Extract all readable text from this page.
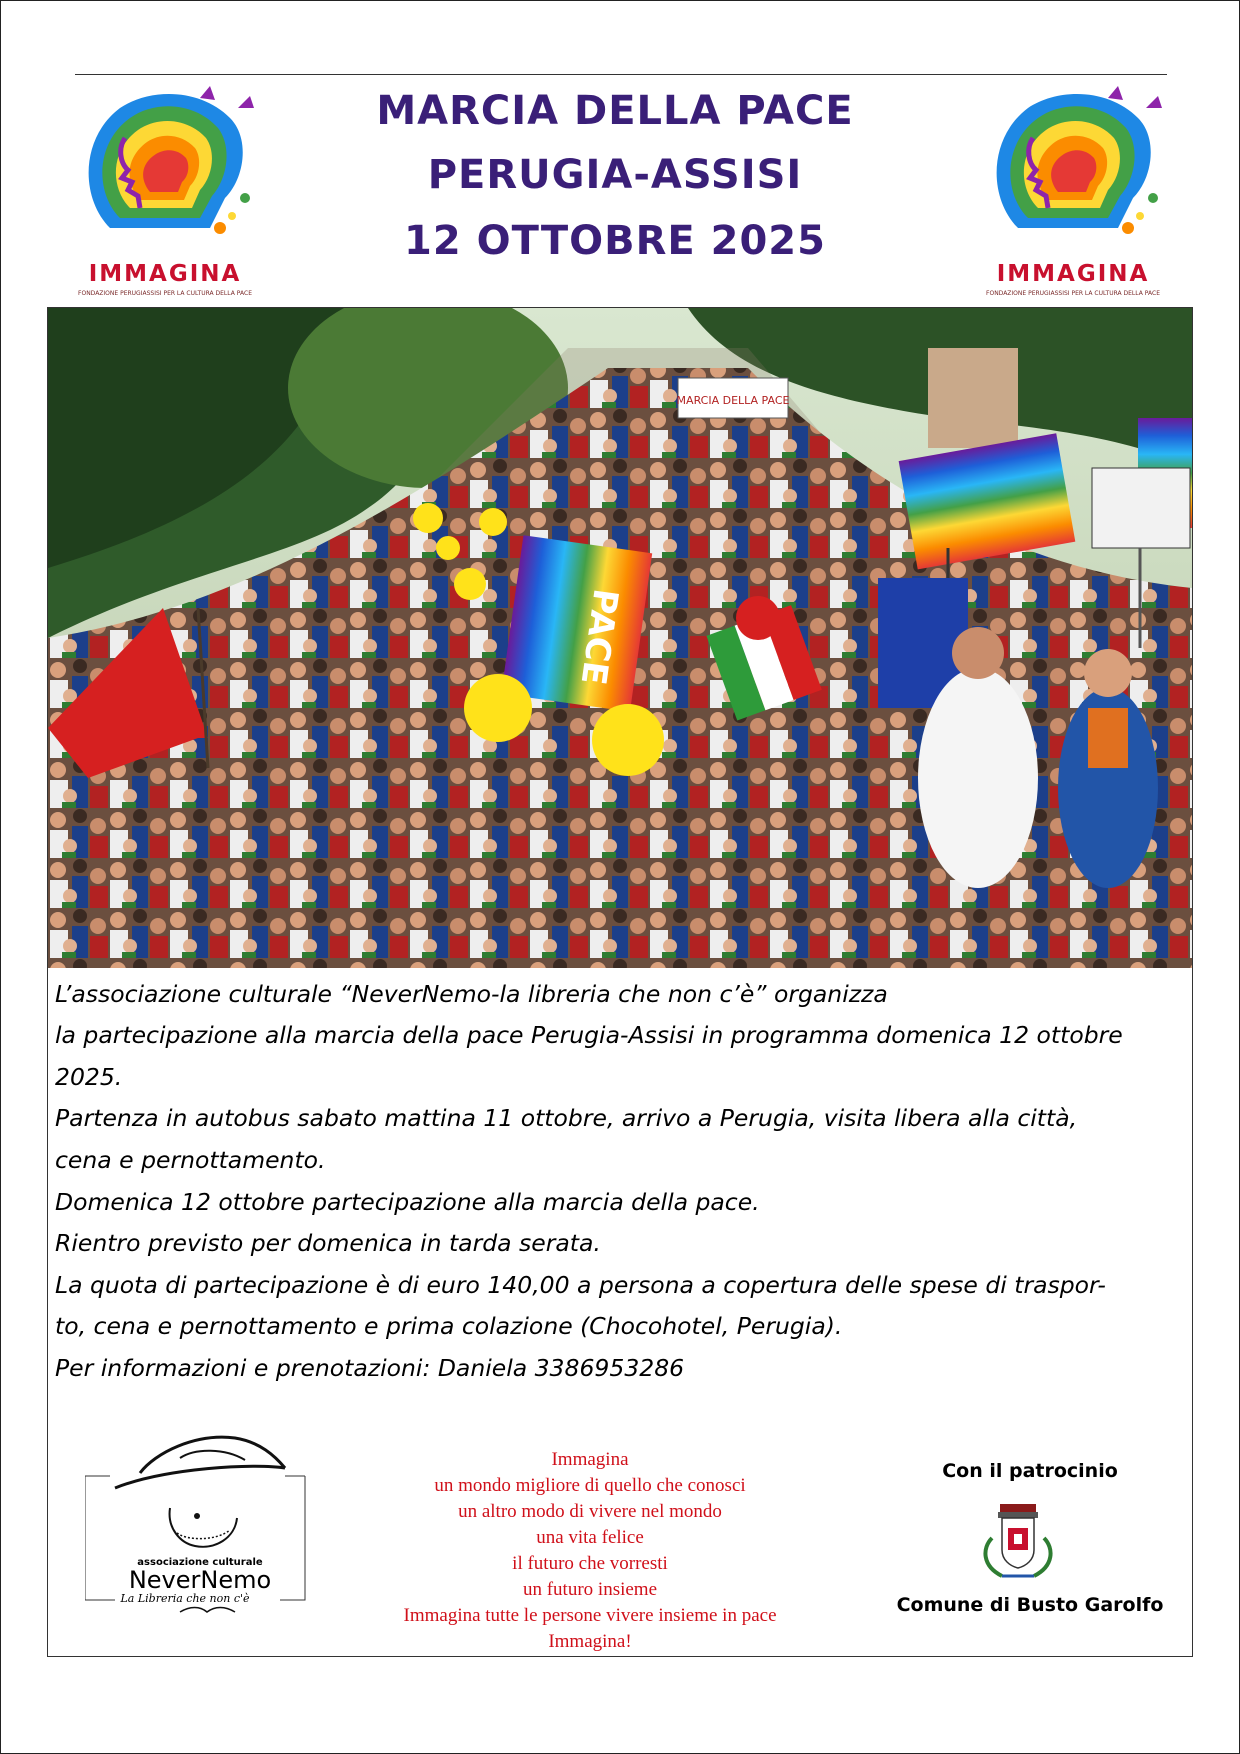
IMMAGINA
FONDAZIONE PERUGIASSISI PER LA CULTURA DELLA PACE
IMMAGINA
FONDAZIONE PERUGIASSISI PER LA CULTURA DELLA PACE
MARCIA DELLA PACE
PERUGIA-ASSISI
12 OTTOBRE 2025
MARCIA DELLA PACE
PACE
L’associazione culturale “NeverNemo-la libreria che non c’è” organizza
la partecipazione alla marcia della pace Perugia-Assisi in programma domenica 12 ottobre
2025.
Partenza in autobus sabato mattina 11 ottobre, arrivo a Perugia, visita libera alla città,
cena e pernottamento.
Domenica 12 ottobre partecipazione alla marcia della pace.
Rientro previsto per domenica in tarda serata.
La quota di partecipazione è di euro 140,00 a persona a copertura delle spese di traspor-
to, cena e pernottamento e prima colazione (Chocohotel, Perugia).
Per informazioni e prenotazioni: Daniela 3386953286
associazione culturale
NeverNemo
La Libreria che non c'è
Immagina
un mondo migliore di quello che conosci
un altro modo di vivere nel mondo
una vita felice
il futuro che vorresti
un futuro insieme
Immagina tutte le persone vivere insieme in pace
Immagina!
Con il patrocinio
Comune di Busto Garolfo
